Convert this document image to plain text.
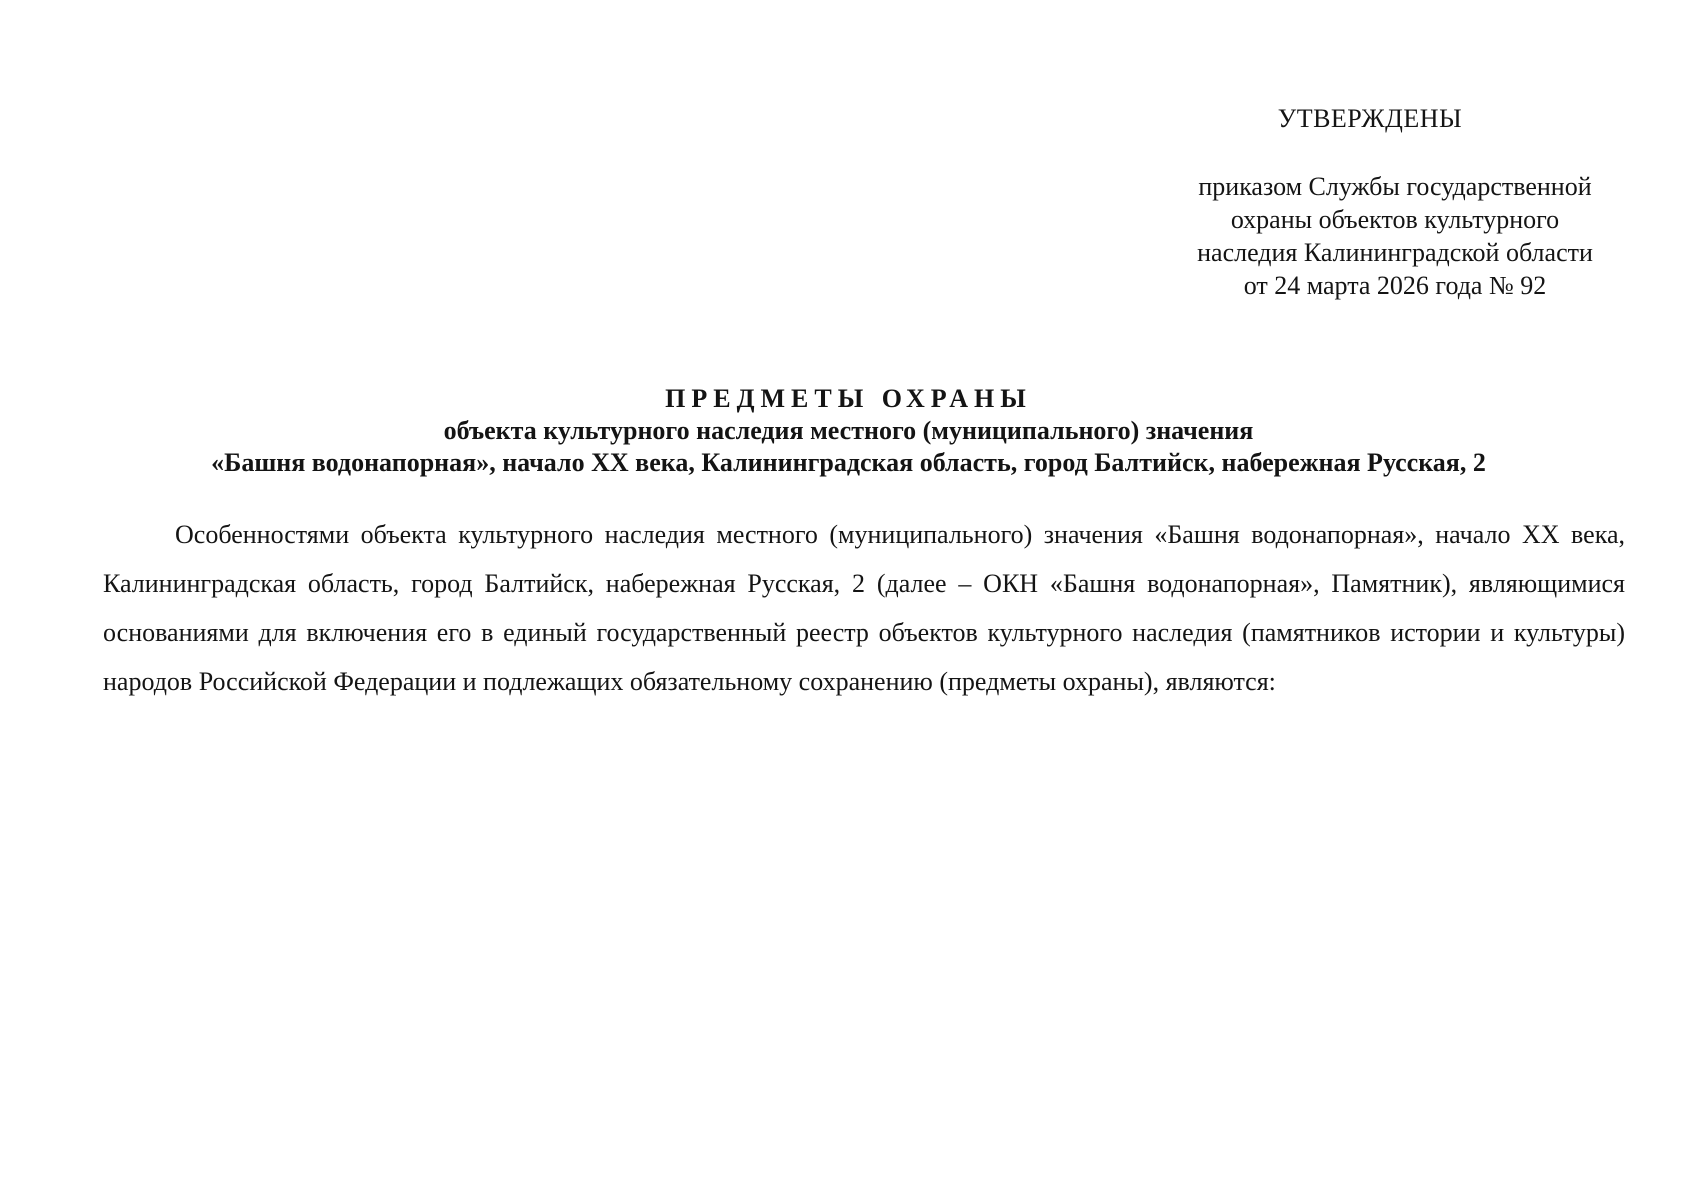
УТВЕРЖДЕНЫ
приказом Службы государственной
охраны объектов культурного
наследия Калининградской области
от 24 марта 2026 года № 92
ПРЕДМЕТЫ ОХРАНЫ
объекта культурного наследия местного (муниципального) значения
«Башня водонапорная», начало XX века, Калининградская область, город Балтийск, набережная Русская, 2

Особенностями объекта культурного наследия местного (муниципального) значения «Башня водонапорная», начало XX века, Калининградская область, город Балтийск, набережная Русская, 2 (далее – ОКН «Башня водонапорная», Памятник), являющимися основаниями для включения его в единый государственный реестр объектов культурного наследия (памятников истории и культуры) народов Российской Федерации и подлежащих обязательному сохранению (предметы охраны), являются:
